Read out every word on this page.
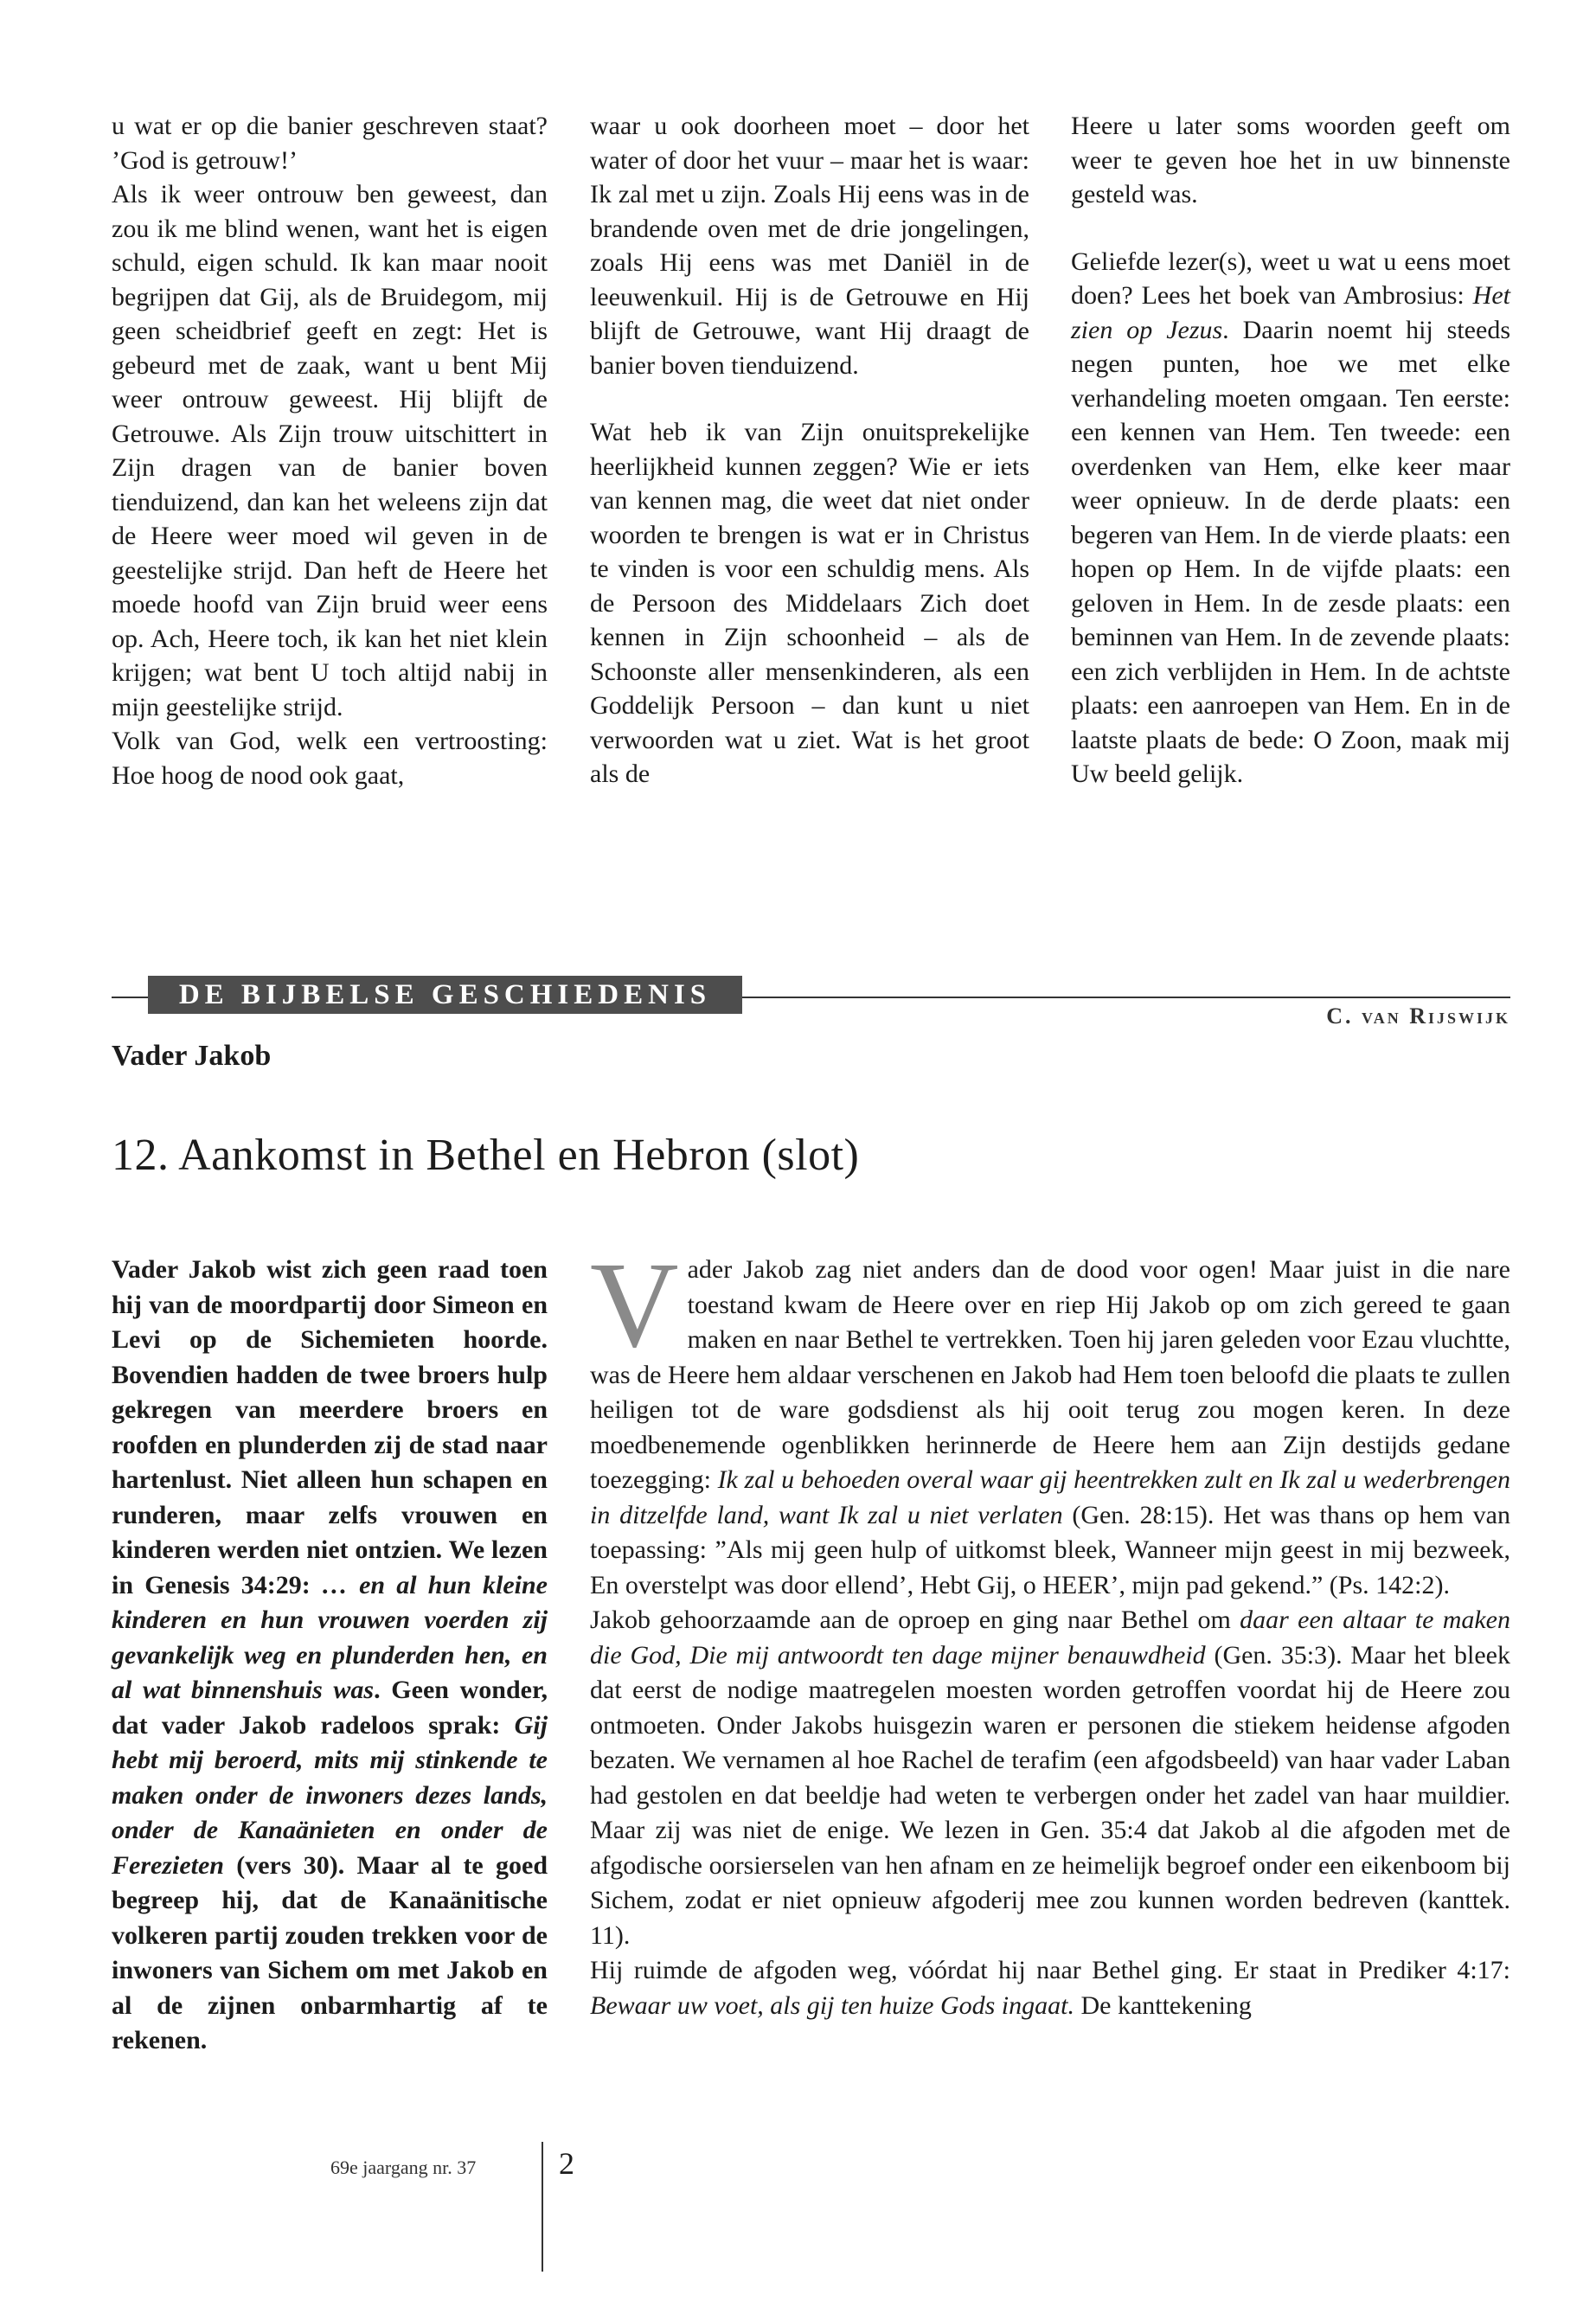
u wat er op die banier geschreven staat? ’God is getrouw!’

Als ik weer ontrouw ben geweest, dan zou ik me blind wenen, want het is eigen schuld, eigen schuld. Ik kan maar nooit begrijpen dat Gij, als de Bruidegom, mij geen scheidbrief geeft en zegt: Het is gebeurd met de zaak, want u bent Mij weer ontrouw geweest. Hij blijft de Getrouwe. Als Zijn trouw uitschittert in Zijn dragen van de banier boven tienduizend, dan kan het weleens zijn dat de Heere weer moed wil geven in de geestelijke strijd. Dan heft de Heere het moede hoofd van Zijn bruid weer eens op. Ach, Heere toch, ik kan het niet klein krijgen; wat bent U toch altijd nabij in mijn geestelijke strijd.

Volk van God, welk een vertroosting: Hoe hoog de nood ook gaat,

waar u ook doorheen moet – door het water of door het vuur – maar het is waar: Ik zal met u zijn. Zoals Hij eens was in de brandende oven met de drie jongelingen, zoals Hij eens was met Daniël in de leeuwenkuil. Hij is de Getrouwe en Hij blijft de Getrouwe, want Hij draagt de banier boven tienduizend.

Wat heb ik van Zijn onuitsprekelijke heerlijkheid kunnen zeggen? Wie er iets van kennen mag, die weet dat niet onder woorden te brengen is wat er in Christus te vinden is voor een schuldig mens. Als de Persoon des Middelaars Zich doet kennen in Zijn schoonheid – als de Schoonste aller mensenkinderen, als een Goddelijk Persoon – dan kunt u niet verwoorden wat u ziet. Wat is het groot als de

Heere u later soms woorden geeft om weer te geven hoe het in uw binnenste gesteld was.

Geliefde lezer(s), weet u wat u eens moet doen? Lees het boek van Ambrosius: Het zien op Jezus. Daarin noemt hij steeds negen punten, hoe we met elke verhandeling moeten omgaan. Ten eerste: een kennen van Hem. Ten tweede: een overdenken van Hem, elke keer maar weer opnieuw. In de derde plaats: een begeren van Hem. In de vierde plaats: een hopen op Hem. In de vijfde plaats: een geloven in Hem. In de zesde plaats: een beminnen van Hem. In de zevende plaats: een zich verblijden in Hem. In de achtste plaats: een aanroepen van Hem. En in de laatste plaats de bede: O Zoon, maak mij Uw beeld gelijk.

DE BIJBELSE GESCHIEDENIS
C. van Rijswijk
Vader Jakob
12. Aankomst in Bethel en Hebron (slot)

Vader Jakob wist zich geen raad toen hij van de moordpartij door Simeon en Levi op de Sichemieten hoorde. Bovendien hadden de twee broers hulp gekregen van meerdere broers en roofden en plunderden zij de stad naar hartenlust. Niet alleen hun schapen en runderen, maar zelfs vrouwen en kinderen werden niet ontzien. We lezen in Genesis 34:29: … en al hun kleine kinderen en hun vrouwen voerden zij gevankelijk weg en plunderden hen, en al wat binnenshuis was. Geen wonder, dat vader Jakob radeloos sprak: Gij hebt mij beroerd, mits mij stinkende te maken onder de inwoners dezes lands, onder de Kanaänieten en onder de Ferezieten (vers 30). Maar al te goed begreep hij, dat de Kanaänitische volkeren partij zouden trekken voor de inwoners van Sichem om met Jakob en al de zijnen onbarmhartig af te rekenen.

Vader Jakob zag niet anders dan de dood voor ogen! Maar juist in die nare toestand kwam de Heere over en riep Hij Jakob op om zich gereed te gaan maken en naar Bethel te vertrekken. Toen hij jaren geleden voor Ezau vluchtte, was de Heere hem aldaar verschenen en Jakob had Hem toen beloofd die plaats te zullen heiligen tot de ware godsdienst als hij ooit terug zou mogen keren. In deze moedbenemende ogenblikken herinnerde de Heere hem aan Zijn destijds gedane toezegging: Ik zal u behoeden overal waar gij heentrekken zult en Ik zal u wederbrengen in ditzelfde land, want Ik zal u niet verlaten (Gen. 28:15). Het was thans op hem van toepassing: ”Als mij geen hulp of uitkomst bleek, Wanneer mijn geest in mij bezweek, En overstelpt was door ellend’, Hebt Gij, o HEER’, mijn pad gekend.” (Ps. 142:2).

Jakob gehoorzaamde aan de oproep en ging naar Bethel om daar een altaar te maken die God, Die mij antwoordt ten dage mijner benauwdheid (Gen. 35:3). Maar het bleek dat eerst de nodige maatregelen moesten worden getroffen voordat hij de Heere zou ontmoeten. Onder Jakobs huisgezin waren er personen die stiekem heidense afgoden bezaten. We vernamen al hoe Rachel de terafim (een afgodsbeeld) van haar vader Laban had gestolen en dat beeldje had weten te verbergen onder het zadel van haar muildier. Maar zij was niet de enige. We lezen in Gen. 35:4 dat Jakob al die afgoden met de afgodische oorsierselen van hen afnam en ze heimelijk begroef onder een eikenboom bij Sichem, zodat er niet opnieuw afgoderij mee zou kunnen worden bedreven (kanttek. 11).

Hij ruimde de afgoden weg, vóórdat hij naar Bethel ging. Er staat in Prediker 4:17: Bewaar uw voet, als gij ten huize Gods ingaat. De kanttekening

69e jaargang nr. 37	2
